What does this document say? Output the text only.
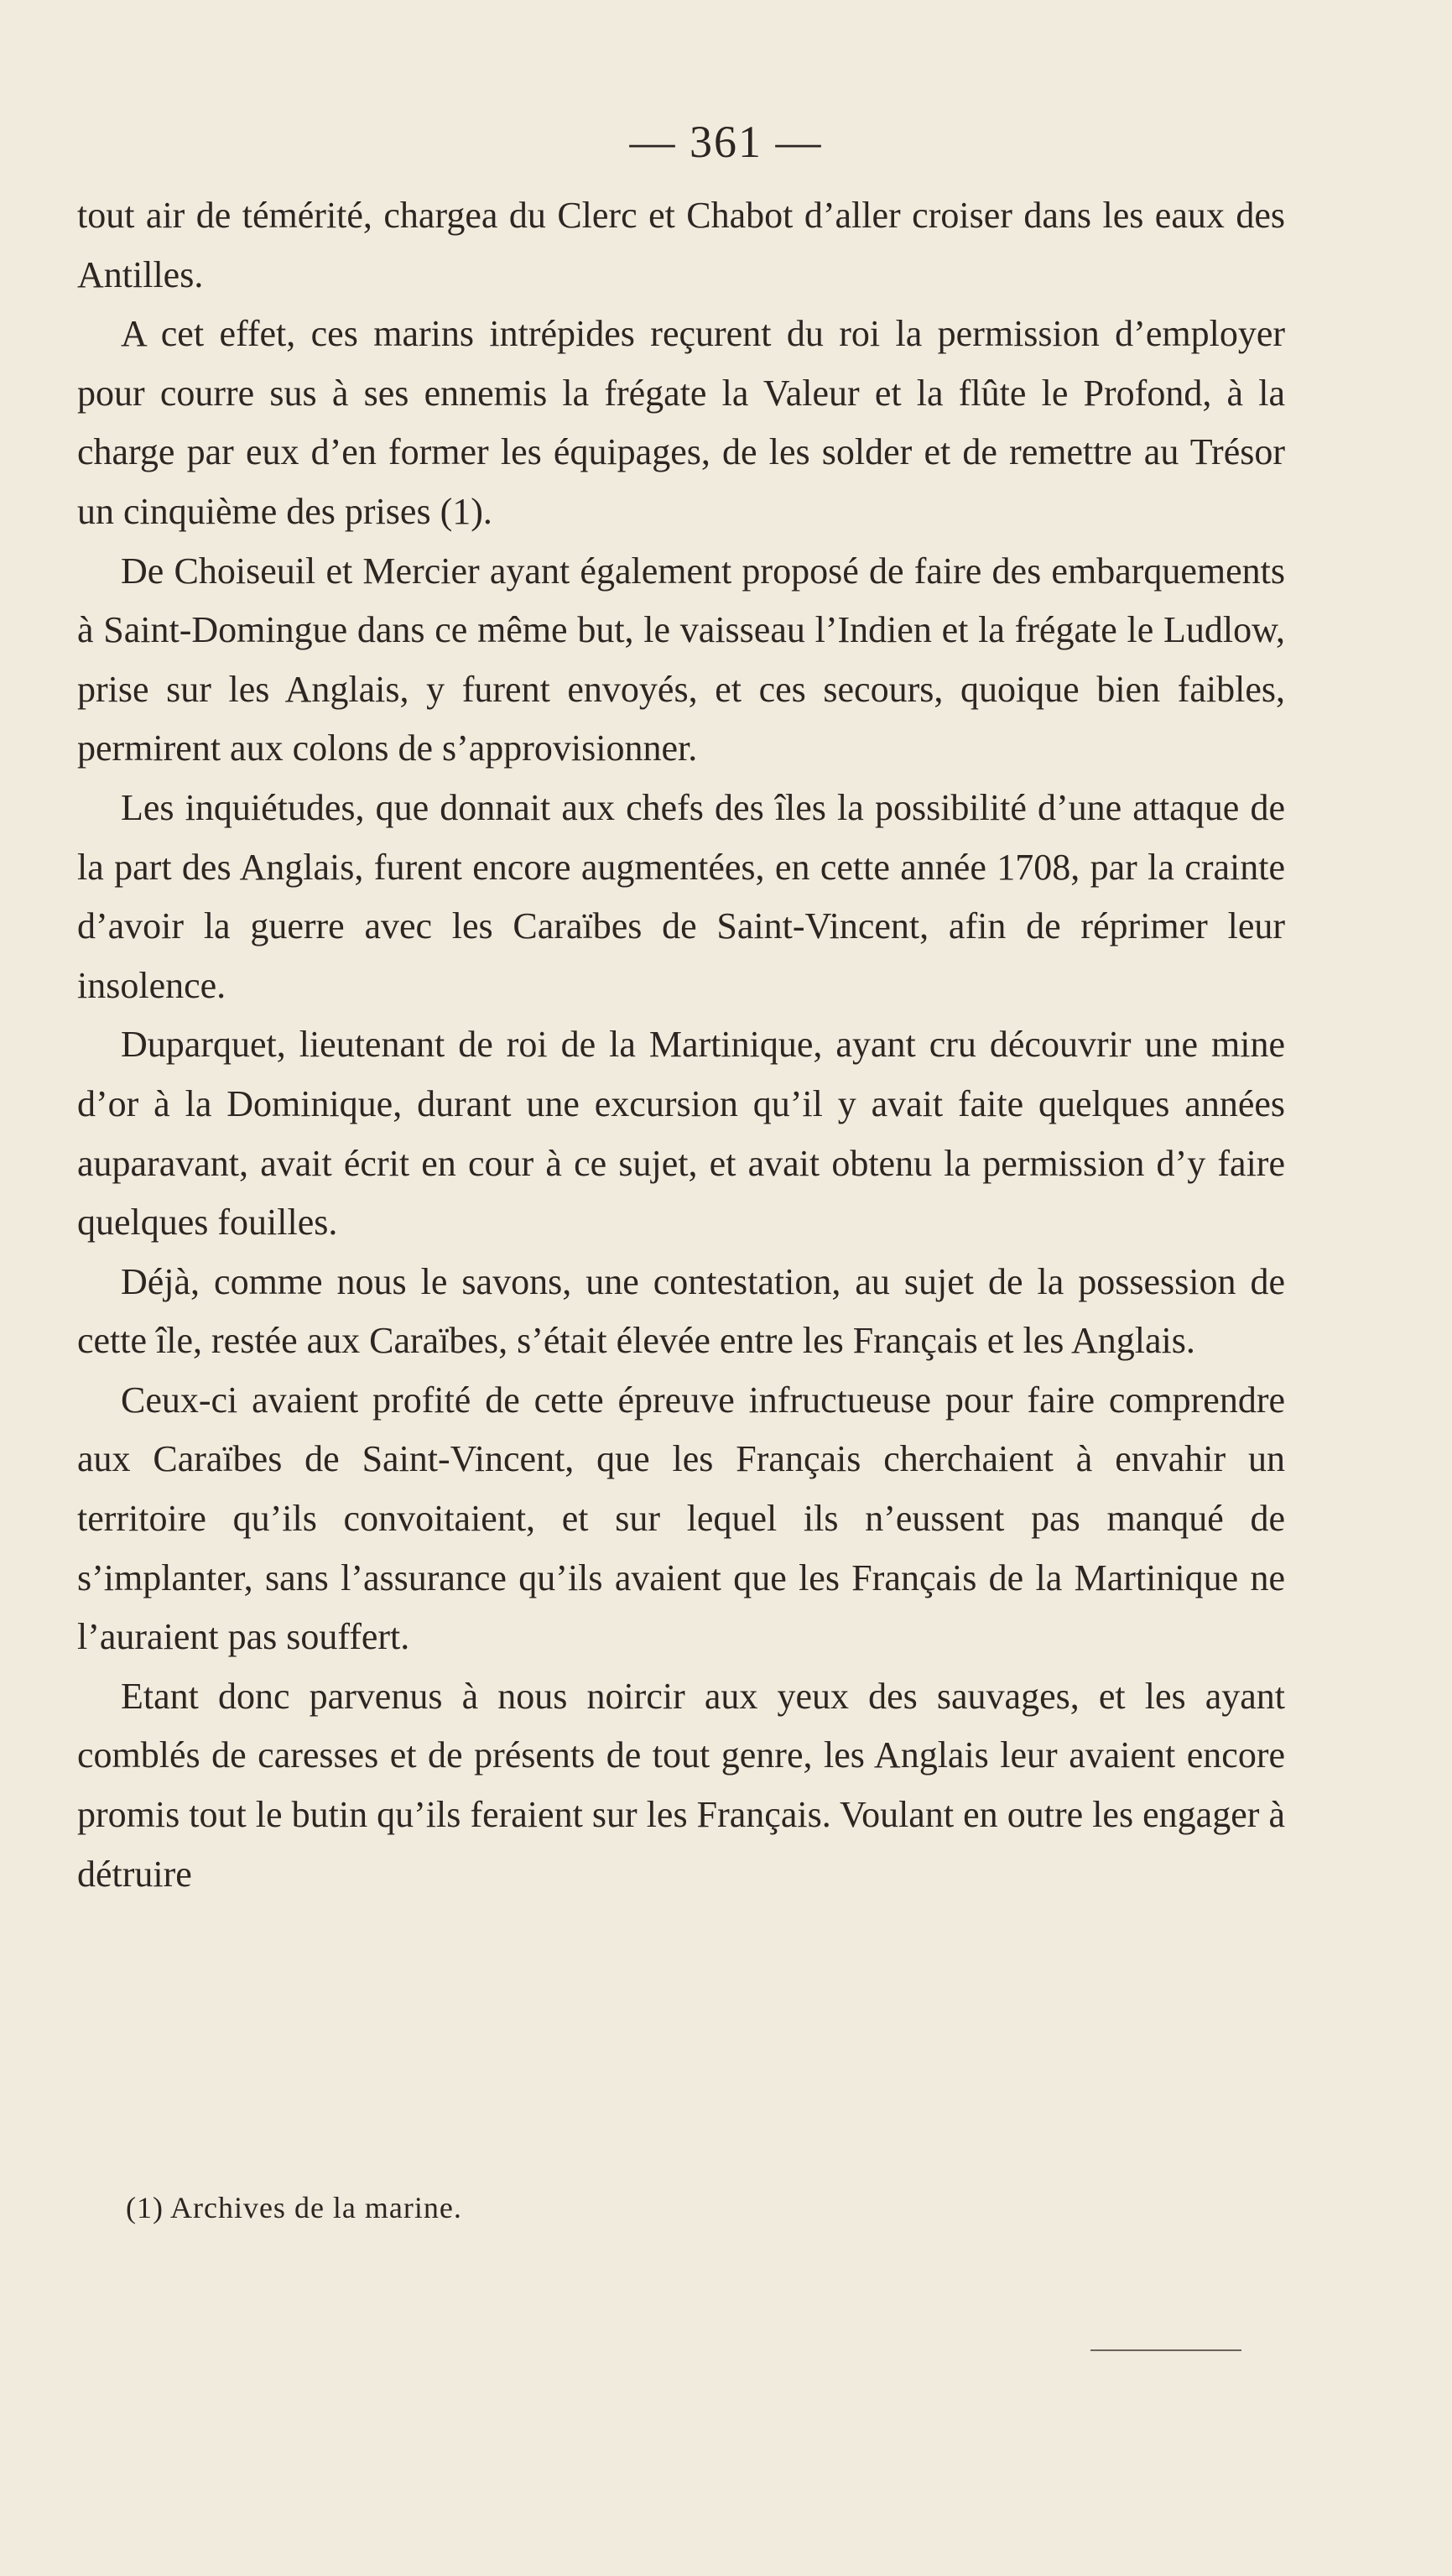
— 361 —

tout air de témérité, chargea du Clerc et Chabot d’aller croiser dans les eaux des Antilles.

A cet effet, ces marins intrépides reçurent du roi la permission d’employer pour courre sus à ses ennemis la frégate la Valeur et la flûte le Profond, à la charge par eux d’en former les équipages, de les solder et de remettre au Trésor un cinquième des prises (1).

De Choiseuil et Mercier ayant également proposé de faire des embarquements à Saint-Domingue dans ce même but, le vaisseau l’Indien et la frégate le Ludlow, prise sur les Anglais, y furent envoyés, et ces secours, quoique bien faibles, permirent aux colons de s’approvisionner.

Les inquiétudes, que donnait aux chefs des îles la possibilité d’une attaque de la part des Anglais, furent encore augmentées, en cette année 1708, par la crainte d’avoir la guerre avec les Caraïbes de Saint-Vincent, afin de réprimer leur insolence.

Duparquet, lieutenant de roi de la Martinique, ayant cru découvrir une mine d’or à la Dominique, durant une excursion qu’il y avait faite quelques années auparavant, avait écrit en cour à ce sujet, et avait obtenu la permission d’y faire quelques fouilles.

Déjà, comme nous le savons, une contestation, au sujet de la possession de cette île, restée aux Caraïbes, s’était élevée entre les Français et les Anglais.

Ceux-ci avaient profité de cette épreuve infructueuse pour faire comprendre aux Caraïbes de Saint-Vincent, que les Français cherchaient à envahir un territoire qu’ils convoitaient, et sur lequel ils n’eussent pas manqué de s’implanter, sans l’assurance qu’ils avaient que les Français de la Martinique ne l’auraient pas souffert.

Etant donc parvenus à nous noircir aux yeux des sauvages, et les ayant comblés de caresses et de présents de tout genre, les Anglais leur avaient encore promis tout le butin qu’ils feraient sur les Français. Voulant en outre les engager à détruire

(1) Archives de la marine.
